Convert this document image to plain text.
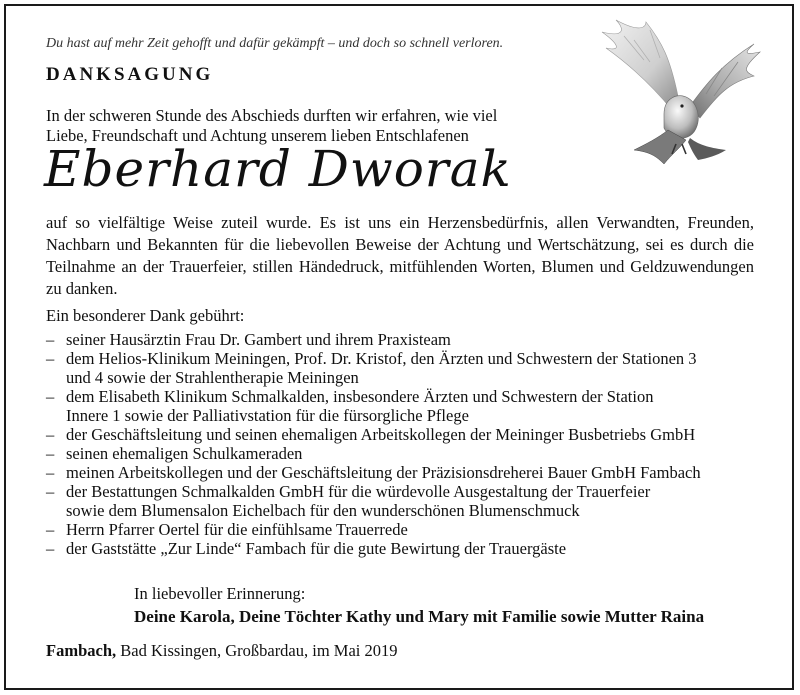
Du hast auf mehr Zeit gehofft und dafür gekämpft – und doch so schnell verloren.
DANKSAGUNG
In der schweren Stunde des Abschieds durften wir erfahren, wie viel
Liebe, Freundschaft und Achtung unserem lieben Entschlafenen
Eberhard Dworak
auf so vielfältige Weise zuteil wurde. Es ist uns ein Herzensbedürfnis, allen Verwandten, Freunden, Nachbarn und Bekannten für die liebevollen Beweise der Achtung und Wertschätzung, sei es durch die Teilnahme an der Trauerfeier, stillen Händedruck, mitfühlenden Worten, Blumen und Geldzuwendungen zu danken.
Ein besonderer Dank gebührt:
– seiner Hausärztin Frau Dr. Gambert und ihrem Praxisteam
– dem Helios-Klinikum Meiningen, Prof. Dr. Kristof, den Ärzten und Schwestern der Stationen 3
und 4 sowie der Strahlentherapie Meiningen
– dem Elisabeth Klinikum Schmalkalden, insbesondere Ärzten und Schwestern der Station
Innere 1 sowie der Palliativstation für die fürsorgliche Pflege
– der Geschäftsleitung und seinen ehemaligen Arbeitskollegen der Meininger Busbetriebs GmbH
– seinen ehemaligen Schulkameraden
– meinen Arbeitskollegen und der Geschäftsleitung der Präzisionsdreherei Bauer GmbH Fambach
– der Bestattungen Schmalkalden GmbH für die würdevolle Ausgestaltung der Trauerfeier
sowie dem Blumensalon Eichelbach für den wunderschönen Blumenschmuck
– Herrn Pfarrer Oertel für die einfühlsame Trauerrede
– der Gaststätte „Zur Linde“ Fambach für die gute Bewirtung der Trauergäste
In liebevoller Erinnerung:
Deine Karola, Deine Töchter Kathy und Mary mit Familie sowie Mutter Raina
Fambach, Bad Kissingen, Großbardau, im Mai 2019
